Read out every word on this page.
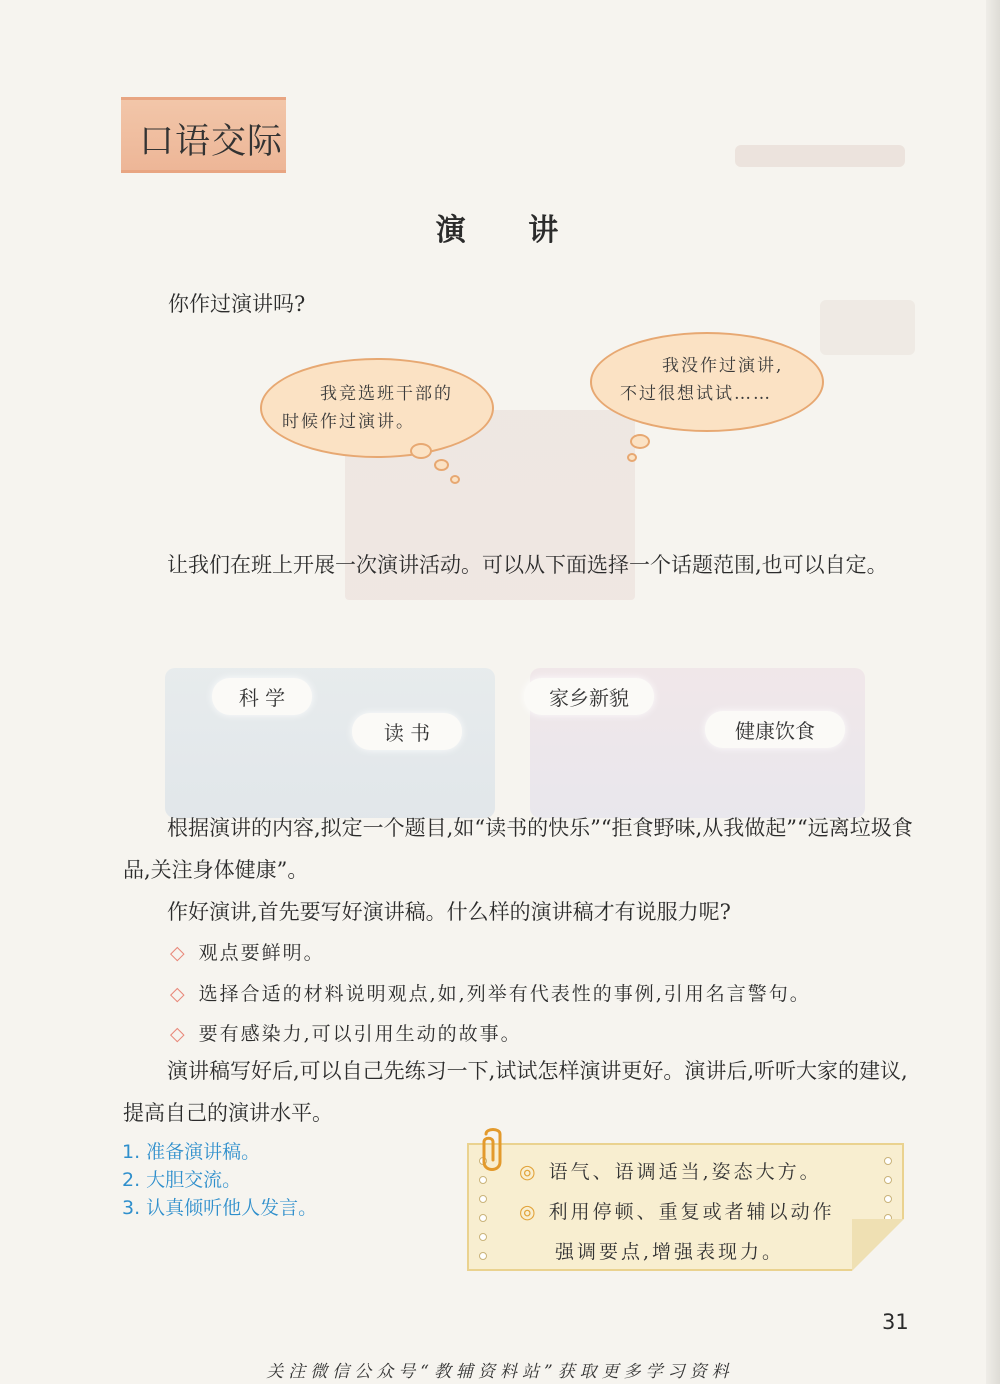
口语交际
演 讲
你作过演讲吗?
我竞选班干部的
时候作过演讲。
我没作过演讲,
不过很想试试……
让我们在班上开展一次演讲活动。可以从下面选择一个话题范围,也可以自定。
科 学
读 书
家乡新貌
健康饮食
根据演讲的内容,拟定一个题目,如“读书的快乐”“拒食野味,从我做起”“远离垃圾食品,关注身体健康”。
作好演讲,首先要写好演讲稿。什么样的演讲稿才有说服力呢?
◇ 观点要鲜明。
◇ 选择合适的材料说明观点,如,列举有代表性的事例,引用名言警句。
◇ 要有感染力,可以引用生动的故事。
演讲稿写好后,可以自己先练习一下,试试怎样演讲更好。演讲后,听听大家的建议,提高自己的演讲水平。
1. 准备演讲稿。
2. 大胆交流。
3. 认真倾听他人发言。
◎ 语气、语调适当,姿态大方。
◎ 利用停顿、重复或者辅以动作
强调要点,增强表现力。
31
关注微信公众号“教辅资料站”获取更多学习资料
